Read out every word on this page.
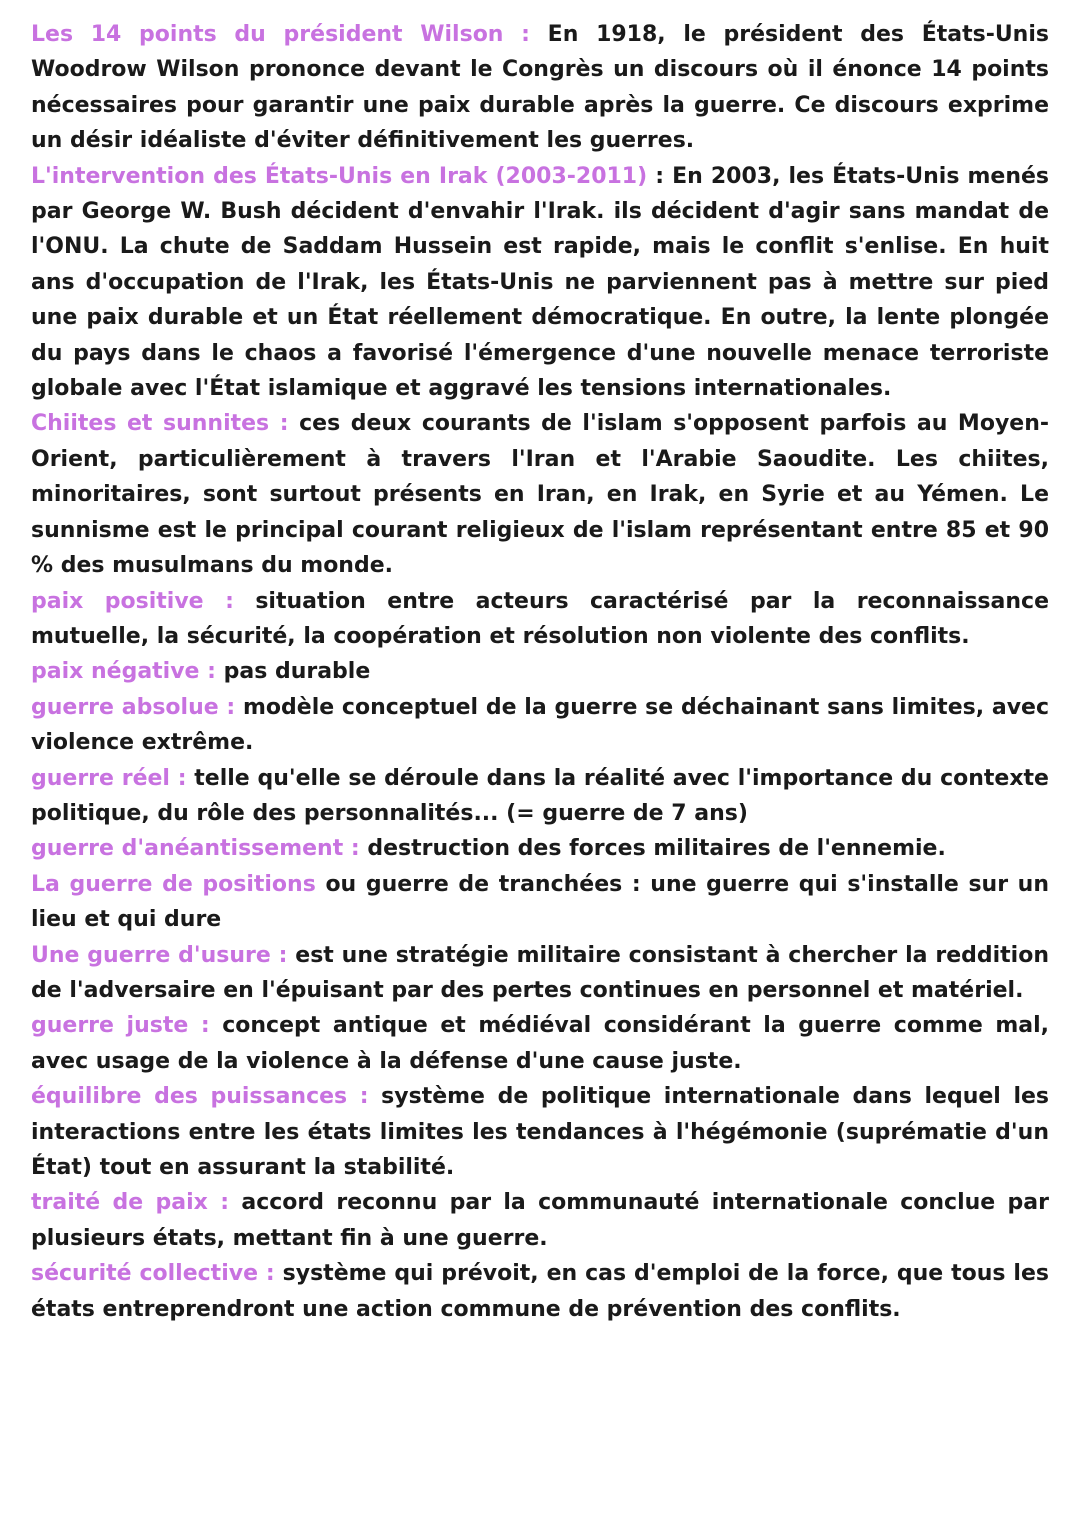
Les 14 points du président Wilson : En 1918, le président des États-Unis Woodrow Wilson prononce devant le Congrès un discours où il énonce 14 points nécessaires pour garantir une paix durable après la guerre. Ce discours exprime un désir idéaliste d'éviter définitivement les guerres.

L'intervention des États-Unis en Irak (2003-2011) : En 2003, les États-Unis menés par George W. Bush décident d'envahir l'Irak. ils décident d'agir sans mandat de l'ONU. La chute de Saddam Hussein est rapide, mais le conflit s'enlise. En huit ans d'occupation de l'Irak, les États-Unis ne parviennent pas à mettre sur pied une paix durable et un État réellement démocratique. En outre, la lente plongée du pays dans le chaos a favorisé l'émergence d'une nouvelle menace terroriste globale avec l'État islamique et aggravé les tensions internationales.

Chiites et sunnites : ces deux courants de l'islam s'opposent parfois au Moyen-Orient, particulièrement à travers l'Iran et l'Arabie Saoudite. Les chiites, minoritaires, sont surtout présents en Iran, en Irak, en Syrie et au Yémen. Le sunnisme est le principal courant religieux de l'islam représentant entre 85 et 90 % des musulmans du monde.

paix positive : situation entre acteurs caractérisé par la reconnaissance mutuelle, la sécurité, la coopération et résolution non violente des conflits.

paix négative : pas durable

guerre absolue : modèle conceptuel de la guerre se déchainant sans limites, avec violence extrême.

guerre réel : telle qu'elle se déroule dans la réalité avec l'importance du contexte politique, du rôle des personnalités... (= guerre de 7 ans)

guerre d'anéantissement : destruction des forces militaires de l'ennemie.

La guerre de positions ou guerre de tranchées : une guerre qui s'installe sur un lieu et qui dure

Une guerre d'usure : est une stratégie militaire consistant à chercher la reddition de l'adversaire en l'épuisant par des pertes continues en personnel et matériel.

guerre juste : concept antique et médiéval considérant la guerre comme mal, avec usage de la violence à la défense d'une cause juste.

équilibre des puissances : système de politique internationale dans lequel les interactions entre les états limites les tendances à l'hégémonie (suprématie d'un État) tout en assurant la stabilité.

traité de paix : accord reconnu par la communauté internationale conclue par plusieurs états, mettant fin à une guerre.

sécurité collective : système qui prévoit, en cas d'emploi de la force, que tous les états entreprendront une action commune de prévention des conflits.
